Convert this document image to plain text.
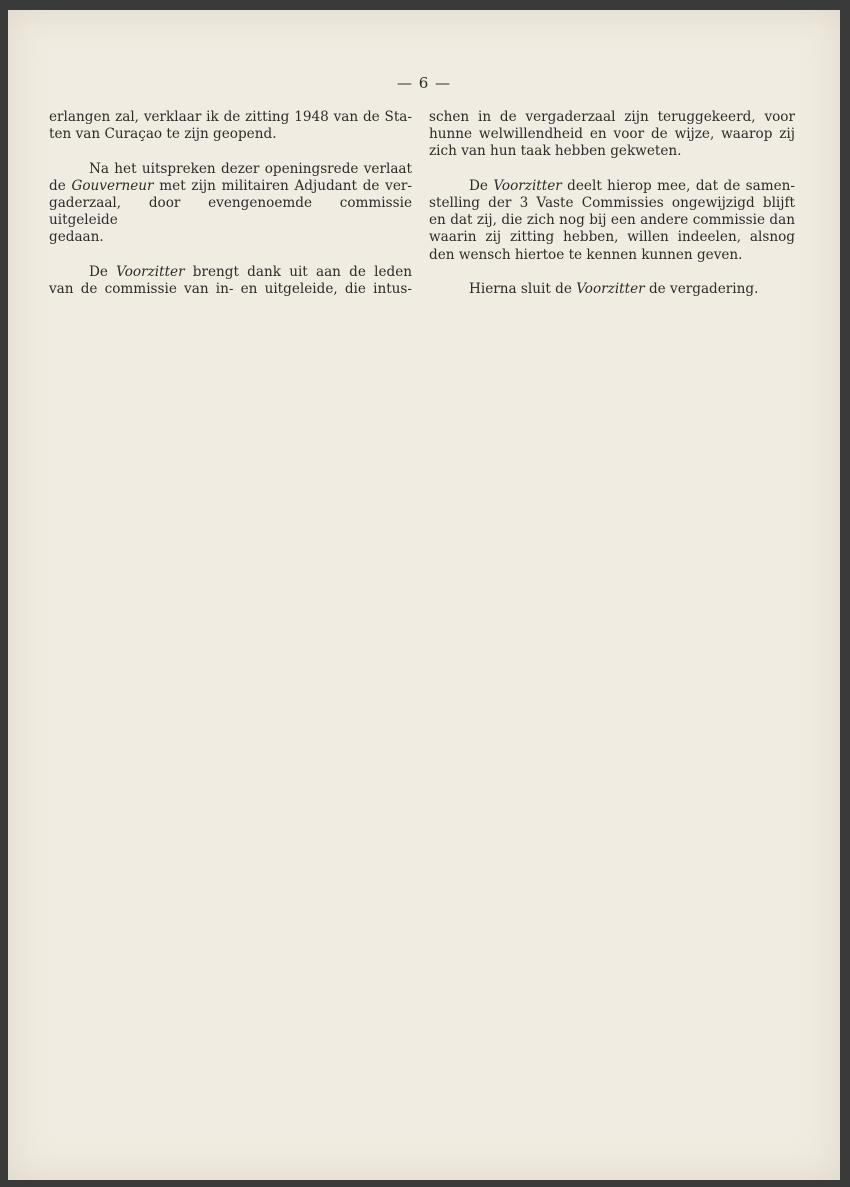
— 6 —

erlangen zal, verklaar ik de zitting 1948 van de Sta-
ten van Curaçao te zijn geopend.

Na het uitspreken dezer openingsrede verlaat
de Gouverneur met zijn militairen Adjudant de ver-
gaderzaal, door evengenoemde commissie uitgeleide
gedaan.

De Voorzitter brengt dank uit aan de leden
van de commissie van in- en uitgeleide, die intus-

schen in de vergaderzaal zijn teruggekeerd, voor
hunne welwillendheid en voor de wijze, waarop zij
zich van hun taak hebben gekweten.

De Voorzitter deelt hierop mee, dat de samen-
stelling der 3 Vaste Commissies ongewijzigd blijft
en dat zij, die zich nog bij een andere commissie dan
waarin zij zitting hebben, willen indeelen, alsnog
den wensch hiertoe te kennen kunnen geven.

Hierna sluit de Voorzitter de vergadering.
